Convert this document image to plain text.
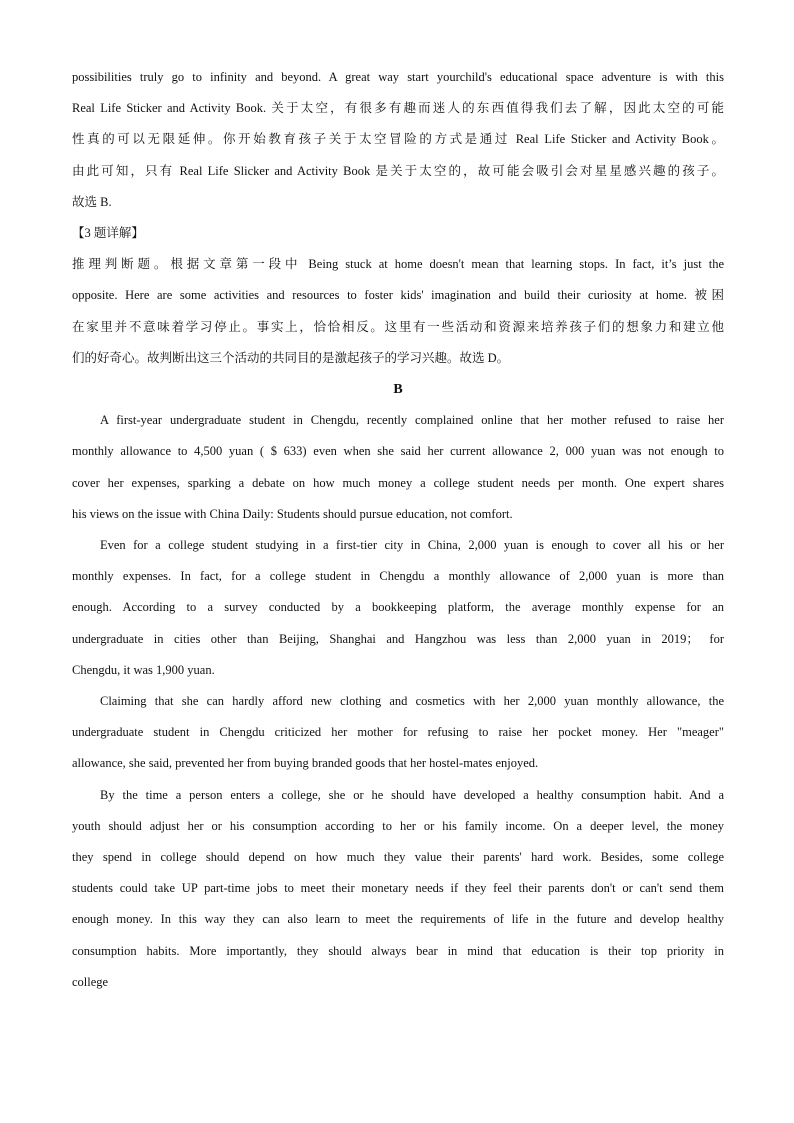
possibilities truly go to infinity and beyond. A great way start yourchild's educational space adventure is with this
Real Life Sticker and Activity Book. 关于太空，有很多有趣而迷人的东西值得我们去了解，因此太空的可能
性真的可以无限延伸。你开始教育孩子关于太空冒险的方式是通过 Real Life Sticker and Activity Book。
由此可知，只有 Real Life Slicker and Activity Book 是关于太空的，故可能会吸引会对星星感兴趣的孩子。
故选 B.
【3 题详解】
推理判断题。根据文章第一段中 Being stuck at home doesn't mean that learning stops. In fact, it’s just the
opposite. Here are some activities and resources to foster kids' imagination and build their curiosity at home. 被困
在家里并不意味着学习停止。事实上，恰恰相反。这里有一些活动和资源来培养孩子们的想象力和建立他
们的好奇心。故判断出这三个活动的共同目的是激起孩子的学习兴趣。故选 D。
B
A first-year undergraduate student in Chengdu, recently complained online that her mother refused to raise her
monthly allowance to 4,500 yuan ( $ 633) even when she said her current allowance 2, 000 yuan was not enough to
cover her expenses, sparking a debate on how much money a college student needs per month. One expert shares
his views on the issue with China Daily: Students should pursue education, not comfort.
Even for a college student studying in a first-tier city in China, 2,000 yuan is enough to cover all his or her
monthly expenses. In fact, for a college student in Chengdu a monthly allowance of 2,000 yuan is more than
enough. According to a survey conducted by a bookkeeping platform, the average monthly expense for an
undergraduate in cities other than Beijing, Shanghai and Hangzhou was less than 2,000 yuan in 2019； for
Chengdu, it was 1,900 yuan.
Claiming that she can hardly afford new clothing and cosmetics with her 2,000 yuan monthly allowance, the
undergraduate student in Chengdu criticized her mother for refusing to raise her pocket money. Her "meager"
allowance, she said, prevented her from buying branded goods that her hostel-mates enjoyed.
By the time a person enters a college, she or he should have developed a healthy consumption habit. And a
youth should adjust her or his consumption according to her or his family income. On a deeper level, the money
they spend in college should depend on how much they value their parents' hard work. Besides, some college
students could take UP part-time jobs to meet their monetary needs if they feel their parents don't or can't send them
enough money. In this way they can also learn to meet the requirements of life in the future and develop healthy
consumption habits. More importantly, they should always bear in mind that education is their top priority in
college
